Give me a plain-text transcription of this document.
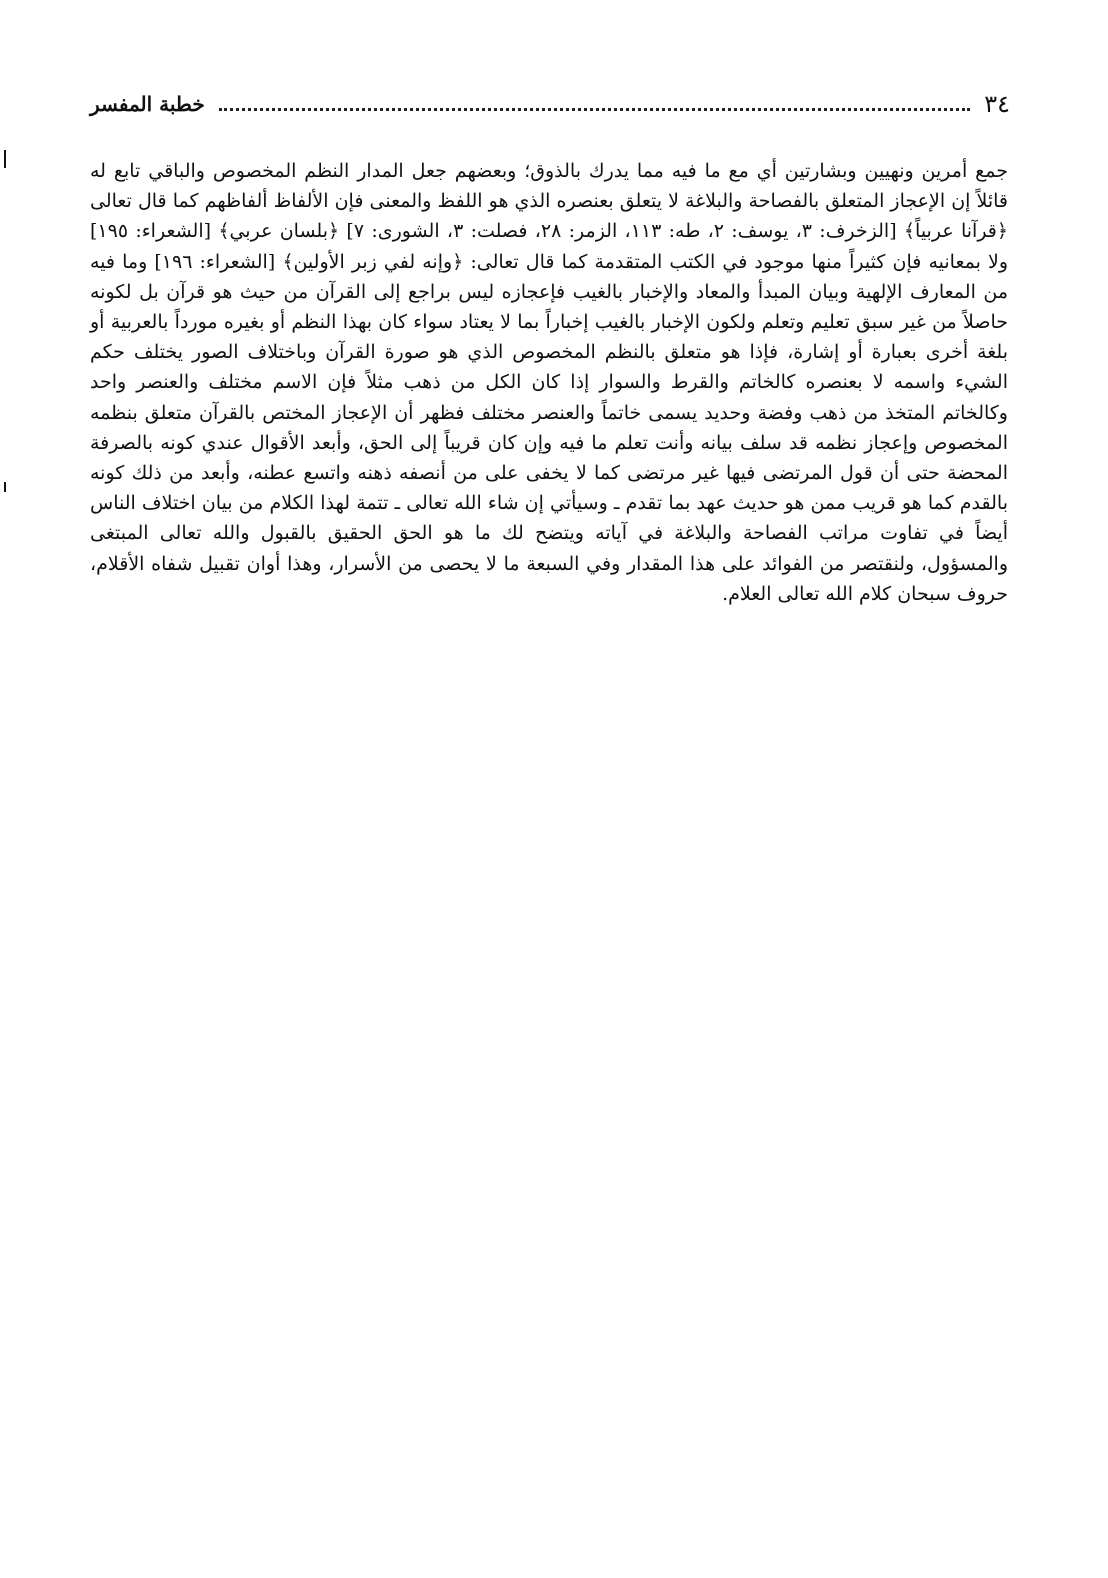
٣٤
خطبة المفسر

جمع أمرين ونهيين وبشارتين أي مع ما فيه مما يدرك بالذوق؛ وبعضهم جعل المدار النظم المخصوص والباقي تابع له قائلاً إن الإعجاز المتعلق بالفصاحة والبلاغة لا يتعلق بعنصره الذي هو اللفظ والمعنى فإن الألفاظ ألفاظهم كما قال تعالى ﴿قرآنا عربياً﴾ [الزخرف: ٣، يوسف: ٢، طه: ١١٣، الزمر: ٢٨، فصلت: ٣، الشورى: ٧] ﴿بلسان عربي﴾ [الشعراء: ١٩٥] ولا بمعانيه فإن كثيراً منها موجود في الكتب المتقدمة كما قال تعالى: ﴿وإنه لفي زبر الأولين﴾ [الشعراء: ١٩٦] وما فيه من المعارف الإلهية وبيان المبدأ والمعاد والإخبار بالغيب فإعجازه ليس براجع إلى القرآن من حيث هو قرآن بل لكونه حاصلاً من غير سبق تعليم وتعلم ولكون الإخبار بالغيب إخباراً بما لا يعتاد سواء كان بهذا النظم أو بغيره مورداً بالعربية أو بلغة أخرى بعبارة أو إشارة، فإذا هو متعلق بالنظم المخصوص الذي هو صورة القرآن وباختلاف الصور يختلف حكم الشيء واسمه لا بعنصره كالخاتم والقرط والسوار إذا كان الكل من ذهب مثلاً فإن الاسم مختلف والعنصر واحد وكالخاتم المتخذ من ذهب وفضة وحديد يسمى خاتماً والعنصر مختلف فظهر أن الإعجاز المختص بالقرآن متعلق بنظمه المخصوص وإعجاز نظمه قد سلف بيانه وأنت تعلم ما فيه وإن كان قريباً إلى الحق، وأبعد الأقوال عندي كونه بالصرفة المحضة حتى أن قول المرتضى فيها غير مرتضى كما لا يخفى على من أنصفه ذهنه واتسع عطنه، وأبعد من ذلك كونه بالقدم كما هو قريب ممن هو حديث عهد بما تقدم ـ وسيأتي إن شاء الله تعالى ـ تتمة لهذا الكلام من بيان اختلاف الناس أيضاً في تفاوت مراتب الفصاحة والبلاغة في آياته ويتضح لك ما هو الحق الحقيق بالقبول والله تعالى المبتغى والمسؤول، ولنقتصر من الفوائد على هذا المقدار وفي السبعة ما لا يحصى من الأسرار، وهذا أوان تقبيل شفاه الأقلام، حروف سبحان كلام الله تعالى العلام.
